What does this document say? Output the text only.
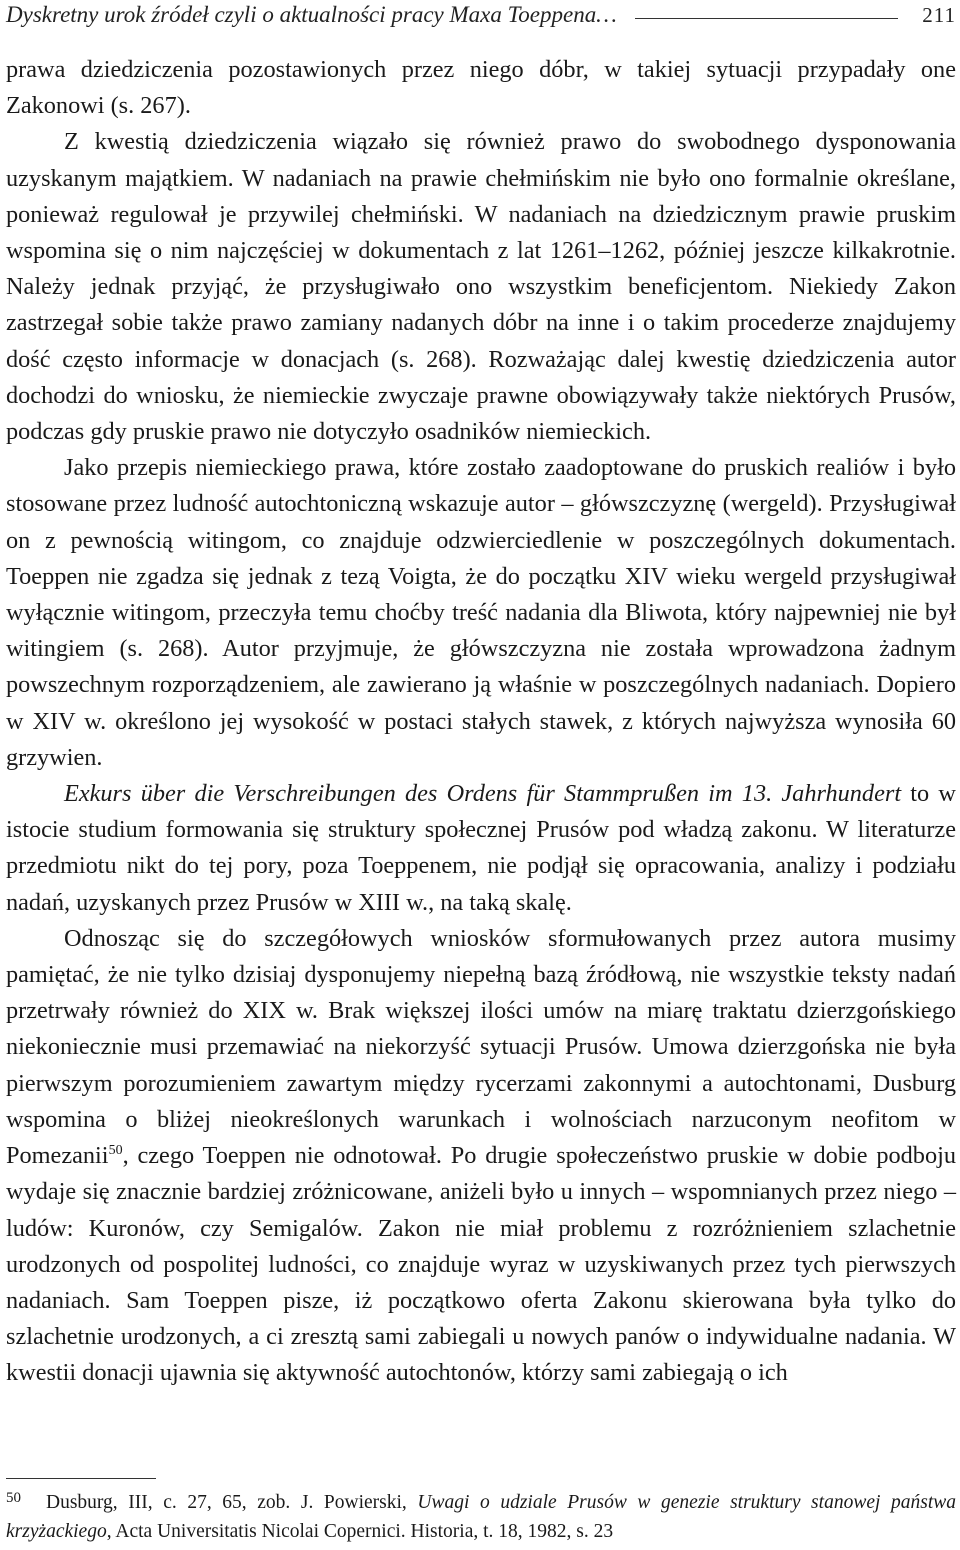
Dyskretny urok źródeł czyli o aktualności pracy Maxa Toeppena…	211

prawa dziedziczenia pozostawionych przez niego dóbr, w takiej sytuacji przypadały one Zakonowi (s. 267).

Z kwestią dziedziczenia wiązało się również prawo do swobodnego dysponowania uzyskanym majątkiem. W nadaniach na prawie chełmińskim nie było ono formalnie określane, ponieważ regulował je przywilej chełmiński. W nadaniach na dziedzicznym prawie pruskim wspomina się o nim najczęściej w dokumentach z lat 1261–1262, później jeszcze kilkakrotnie. Należy jednak przyjąć, że przysługiwało ono wszystkim beneficjentom. Niekiedy Zakon zastrzegał sobie także prawo zamiany nadanych dóbr na inne i o takim procederze znajdujemy dość często informacje w donacjach (s. 268). Rozważając dalej kwestię dziedziczenia autor dochodzi do wniosku, że niemieckie zwyczaje prawne obowiązywały także niektórych Prusów, podczas gdy pruskie prawo nie dotyczyło osadników niemieckich.

Jako przepis niemieckiego prawa, które zostało zaadoptowane do pruskich realiów i było stosowane przez ludność autochtoniczną wskazuje autor – główszczyznę (wergeld). Przysługiwał on z pewnością witingom, co znajduje odzwierciedlenie w poszczególnych dokumentach. Toeppen nie zgadza się jednak z tezą Voigta, że do początku XIV wieku wergeld przysługiwał wyłącznie witingom, przeczyła temu choćby treść nadania dla Bliwota, który najpewniej nie był witingiem (s. 268). Autor przyjmuje, że główszczyzna nie została wprowadzona żadnym powszechnym rozporządzeniem, ale zawierano ją właśnie w poszczególnych nadaniach. Dopiero w XIV w. określono jej wysokość w postaci stałych stawek, z których najwyższa wynosiła 60 grzywien.

Exkurs über die Verschreibungen des Ordens für Stammprußen im 13. Jahrhundert to w istocie studium formowania się struktury społecznej Prusów pod władzą zakonu. W literaturze przedmiotu nikt do tej pory, poza Toeppenem, nie podjął się opracowania, analizy i podziału nadań, uzyskanych przez Prusów w XIII w., na taką skalę.

Odnosząc się do szczegółowych wniosków sformułowanych przez autora musimy pamiętać, że nie tylko dzisiaj dysponujemy niepełną bazą źródłową, nie wszystkie teksty nadań przetrwały również do XIX w. Brak większej ilości umów na miarę traktatu dzierzgońskiego niekoniecznie musi przemawiać na niekorzyść sytuacji Prusów. Umowa dzierzgońska nie była pierwszym porozumieniem zawartym między rycerzami zakonnymi a autochtonami, Dusburg wspomina o bliżej nieokreślonych warunkach i wolnościach narzuconym neofitom w Pomezanii$^{50}$, czego Toeppen nie odnotował. Po drugie społeczeństwo pruskie w dobie podboju wydaje się znacznie bardziej zróżnicowane, aniżeli było u innych – wspomnianych przez niego – ludów: Kuronów, czy Semigalów. Zakon nie miał problemu z rozróżnieniem szlachetnie urodzonych od pospolitej ludności, co znajduje wyraz w uzyskiwanych przez tych pierwszych nadaniach. Sam Toeppen pisze, iż początkowo oferta Zakonu skierowana była tylko do szlachetnie urodzonych, a ci zresztą sami zabiegali u nowych panów o indywidualne nadania. W kwestii donacji ujawnia się aktywność autochtonów, którzy sami zabiegają o ich

50 Dusburg, III, c. 27, 65, zob. J. Powierski, Uwagi o udziale Prusów w genezie struktury stanowej państwa krzyżackiego, Acta Universitatis Nicolai Copernici. Historia, t. 18, 1982, s. 23
